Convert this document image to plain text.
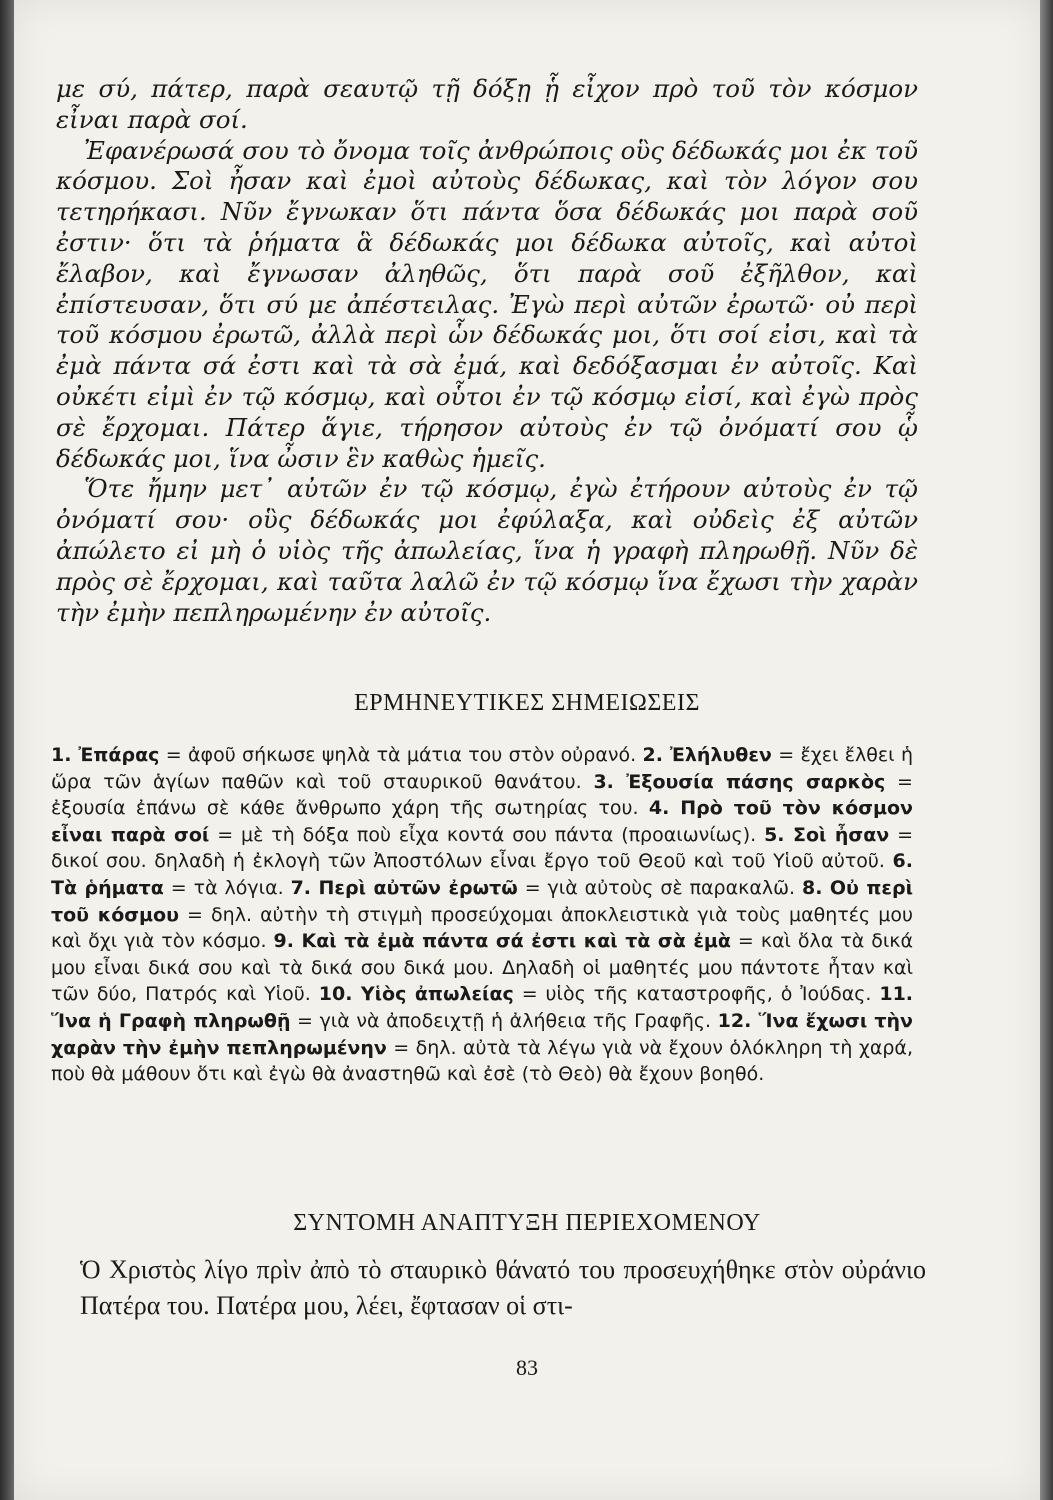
με σύ, πάτερ, παρὰ σεαυτῷ τῇ δόξῃ ᾗ εἶχον πρὸ τοῦ τὸν κόσμον εἶναι παρὰ σοί.

Ἐφανέρωσά σου τὸ ὄνομα τοῖς ἀνθρώποις οὓς δέδωκάς μοι ἐκ τοῦ κόσμου. Σοὶ ἦσαν καὶ ἐμοὶ αὐτοὺς δέδωκας, καὶ τὸν λόγον σου τετηρήκασι. Νῦν ἔγνωκαν ὅτι πάντα ὅσα δέδωκάς μοι παρὰ σοῦ ἐστιν· ὅτι τὰ ῥήματα ἃ δέδωκάς μοι δέδωκα αὐτοῖς, καὶ αὐτοὶ ἔλαβον, καὶ ἔγνωσαν ἀληθῶς, ὅτι παρὰ σοῦ ἐξῆλθον, καὶ ἐπίστευσαν, ὅτι σύ με ἀπέστειλας. Ἐγὼ περὶ αὐτῶν ἐρωτῶ· οὐ περὶ τοῦ κόσμου ἐρωτῶ, ἀλλὰ περὶ ὧν δέδωκάς μοι, ὅτι σοί εἰσι, καὶ τὰ ἐμὰ πάντα σά ἐστι καὶ τὰ σὰ ἐμά, καὶ δεδόξασμαι ἐν αὐτοῖς. Καὶ οὐκέτι εἰμὶ ἐν τῷ κόσμῳ, καὶ οὗτοι ἐν τῷ κόσμῳ εἰσί, καὶ ἐγὼ πρὸς σὲ ἔρχομαι. Πάτερ ἅγιε, τήρησον αὐτοὺς ἐν τῷ ὀνόματί σου ᾧ δέδωκάς μοι, ἵνα ὦσιν ἓν καθὼς ἡμεῖς.

Ὅτε ἤμην μετ᾿ αὐτῶν ἐν τῷ κόσμῳ, ἐγὼ ἐτήρουν αὐτοὺς ἐν τῷ ὀνόματί σου· οὓς δέδωκάς μοι ἐφύλαξα, καὶ οὐδεὶς ἐξ αὐτῶν ἀπώλετο εἰ μὴ ὁ υἱὸς τῆς ἀπωλείας, ἵνα ἡ γραφὴ πληρωθῇ. Νῦν δὲ πρὸς σὲ ἔρχομαι, καὶ ταῦτα λαλῶ ἐν τῷ κόσμῳ ἵνα ἔχωσι τὴν χαρὰν τὴν ἐμὴν πεπληρωμένην ἐν αὐτοῖς.

ΕΡΜΗΝΕΥΤΙΚΕΣ ΣΗΜΕΙΩΣΕΙΣ
1. Ἐπάρας = ἀφοῦ σήκωσε ψηλὰ τὰ μάτια του στὸν οὐρανό. 2. Ἐλήλυθεν = ἔχει ἔλθει ἡ ὥρα τῶν ἁγίων παθῶν καὶ τοῦ σταυρικοῦ θανάτου. 3. Ἐξουσία πάσης σαρκὸς = ἐξουσία ἐπάνω σὲ κάθε ἄνθρωπο χάρη τῆς σωτηρίας του. 4. Πρὸ τοῦ τὸν κόσμον εἶναι παρὰ σοί = μὲ τὴ δόξα ποὺ εἶχα κοντά σου πάντα (προαιωνίως). 5. Σοὶ ἦσαν = δικοί σου. δηλαδὴ ἡ ἐκλογὴ τῶν Ἀποστόλων εἶναι ἔργο τοῦ Θεοῦ καὶ τοῦ Υἱοῦ αὐτοῦ. 6. Τὰ ῥήματα = τὰ λόγια. 7. Περὶ αὐτῶν ἐρωτῶ = γιὰ αὐτοὺς σὲ παρακαλῶ. 8. Οὐ περὶ τοῦ κόσμου = δηλ. αὐτὴν τὴ στιγμὴ προσεύχομαι ἀποκλειστικὰ γιὰ τοὺς μαθητές μου καὶ ὄχι γιὰ τὸν κόσμο. 9. Καὶ τὰ ἐμὰ πάντα σά ἐστι καὶ τὰ σὰ ἐμὰ = καὶ ὅλα τὰ δικά μου εἶναι δικά σου καὶ τὰ δικά σου δικά μου. Δηλαδὴ οἱ μαθητές μου πάντοτε ἦταν καὶ τῶν δύο, Πατρός καὶ Υἱοῦ. 10. Υἱὸς ἀπωλείας = υἱὸς τῆς καταστροφῆς, ὁ Ἰούδας. 11. Ἵνα ἡ Γραφὴ πληρωθῇ = γιὰ νὰ ἀποδειχτῇ ἡ ἀλήθεια τῆς Γραφῆς. 12. Ἵνα ἔχωσι τὴν χαρὰν τὴν ἐμὴν πεπληρωμένην = δηλ. αὐτὰ τὰ λέγω γιὰ νὰ ἔχουν ὁλόκληρη τὴ χαρά, ποὺ θὰ μάθουν ὅτι καὶ ἐγὼ θὰ ἀναστηθῶ καὶ ἐσὲ (τὸ Θεὸ) θὰ ἔχουν βοηθό.
ΣΥΝΤΟΜΗ ΑΝΑΠΤΥΞΗ ΠΕΡΙΕΧΟΜΕΝΟΥ

Ὁ Χριστὸς λίγο πρὶν ἀπὸ τὸ σταυρικὸ θάνατό του προσευχήθηκε στὸν οὐράνιο Πατέρα του. Πατέρα μου, λέει, ἔφτασαν οἱ στι-

83
